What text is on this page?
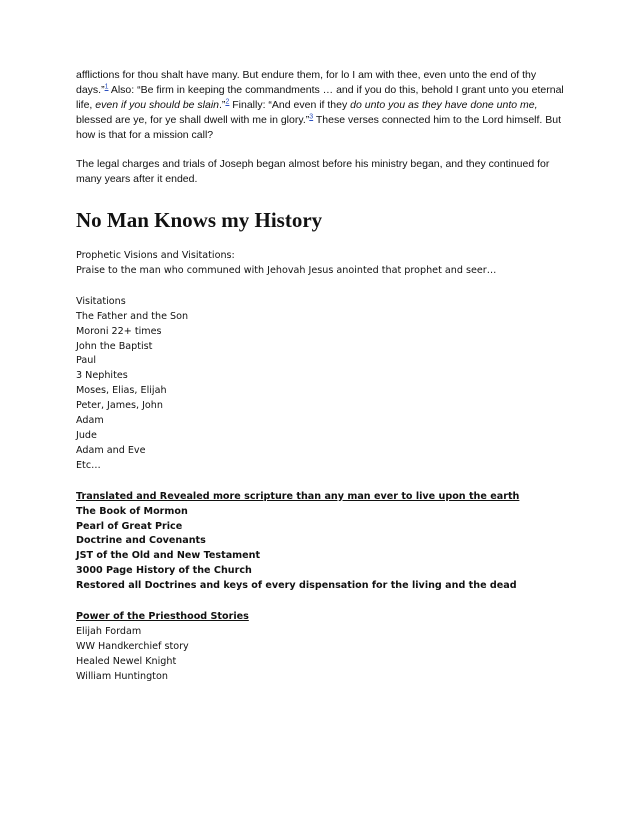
afflictions for thou shalt have many. But endure them, for lo I am with thee, even unto the end of thy days.”$^1$ Also: “Be firm in keeping the commandments … and if you do this, behold I grant unto you eternal life, even if you should be slain.”$^2$ Finally: “And even if they do unto you as they have done unto me, blessed are ye, for ye shall dwell with me in glory.”$^3$ These verses connected him to the Lord himself. But how is that for a mission call?

The legal charges and trials of Joseph began almost before his ministry began, and they continued for many years after it ended.

No Man Knows my History
Prophetic Visions and Visitations:
Praise to the man who communed with Jehovah Jesus anointed that prophet and seer…
Visitations
The Father and the Son
Moroni 22+ times
John the Baptist
Paul
3 Nephites
Moses, Elias, Elijah
Peter, James, John
Adam
Jude
Adam and Eve
Etc…
Translated and Revealed more scripture than any man ever to live upon the earth
The Book of Mormon
Pearl of Great Price
Doctrine and Covenants
JST of the Old and New Testament
3000 Page History of the Church
Restored all Doctrines and keys of every dispensation for the living and the dead
Power of the Priesthood Stories
Elijah Fordam
WW Handkerchief story
Healed Newel Knight
William Huntington
